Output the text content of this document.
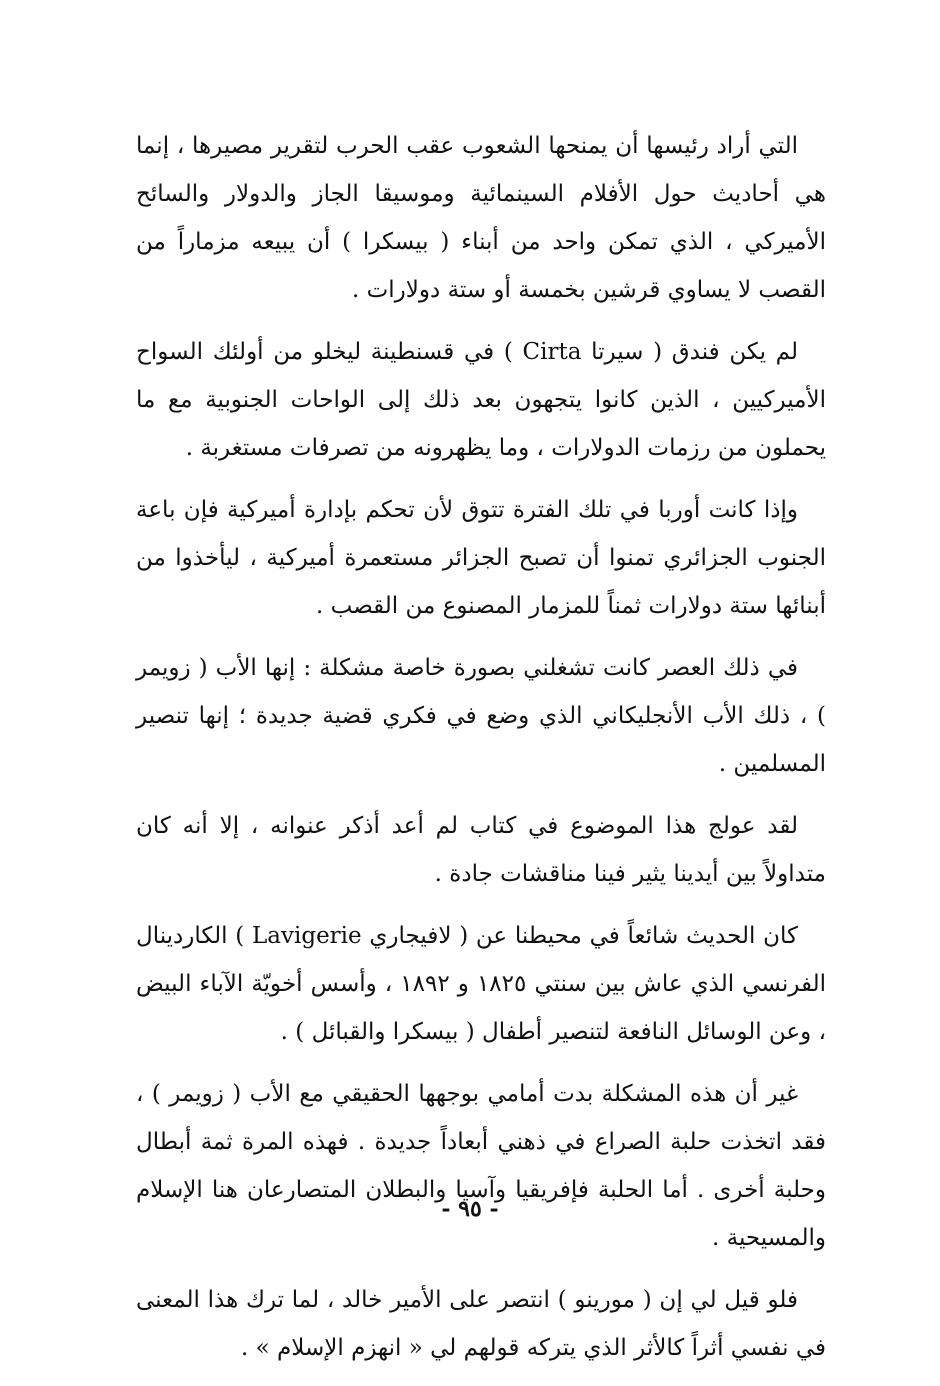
التي أراد رئيسها أن يمنحها الشعوب عقب الحرب لتقرير مصيرها ، إنما هي أحاديث حول الأفلام السينمائية وموسيقا الجاز والدولار والسائح الأميركي ، الذي تمكن واحد من أبناء ( بيسكرا ) أن يبيعه مزماراً من القصب لا يساوي قرشين بخمسة أو ستة دولارات .

لم يكن فندق ( سيرتا Cirta ) في قسنطينة ليخلو من أولئك السواح الأميركيين ، الذين كانوا يتجهون بعد ذلك إلى الواحات الجنوبية مع ما يحملون من رزمات الدولارات ، وما يظهرونه من تصرفات مستغربة .

وإذا كانت أوربا في تلك الفترة تتوق لأن تحكم بإدارة أميركية فإن باعة الجنوب الجزائري تمنوا أن تصبح الجزائر مستعمرة أميركية ، ليأخذوا من أبنائها ستة دولارات ثمناً للمزمار المصنوع من القصب .

في ذلك العصر كانت تشغلني بصورة خاصة مشكلة : إنها الأب ( زويمر ) ، ذلك الأب الأنجليكاني الذي وضع في فكري قضية جديدة ؛ إنها تنصير المسلمين .

لقد عولج هذا الموضوع في كتاب لم أعد أذكر عنوانه ، إلا أنه كان متداولاً بين أيدينا يثير فينا مناقشات جادة .

كان الحديث شائعاً في محيطنا عن ( لافيجاري Lavigerie ) الكاردينال الفرنسي الذي عاش بين سنتي ١٨٢٥ و ١٨٩٢ ، وأسس أخويّة الآباء البيض ، وعن الوسائل النافعة لتنصير أطفال ( بيسكرا والقبائل ) .

غير أن هذه المشكلة بدت أمامي بوجهها الحقيقي مع الأب ( زويمر ) ، فقد اتخذت حلبة الصراع في ذهني أبعاداً جديدة . فهذه المرة ثمة أبطال وحلبة أخرى . أما الحلبة فإفريقيا وآسيا والبطلان المتصارعان هنا الإسلام والمسيحية .

فلو قيل لي إن ( مورينو ) انتصر على الأمير خالد ، لما ترك هذا المعنى في نفسي أثراً كالأثر الذي يتركه قولهم لي « انهزم الإسلام » .

- ٩٥ -
